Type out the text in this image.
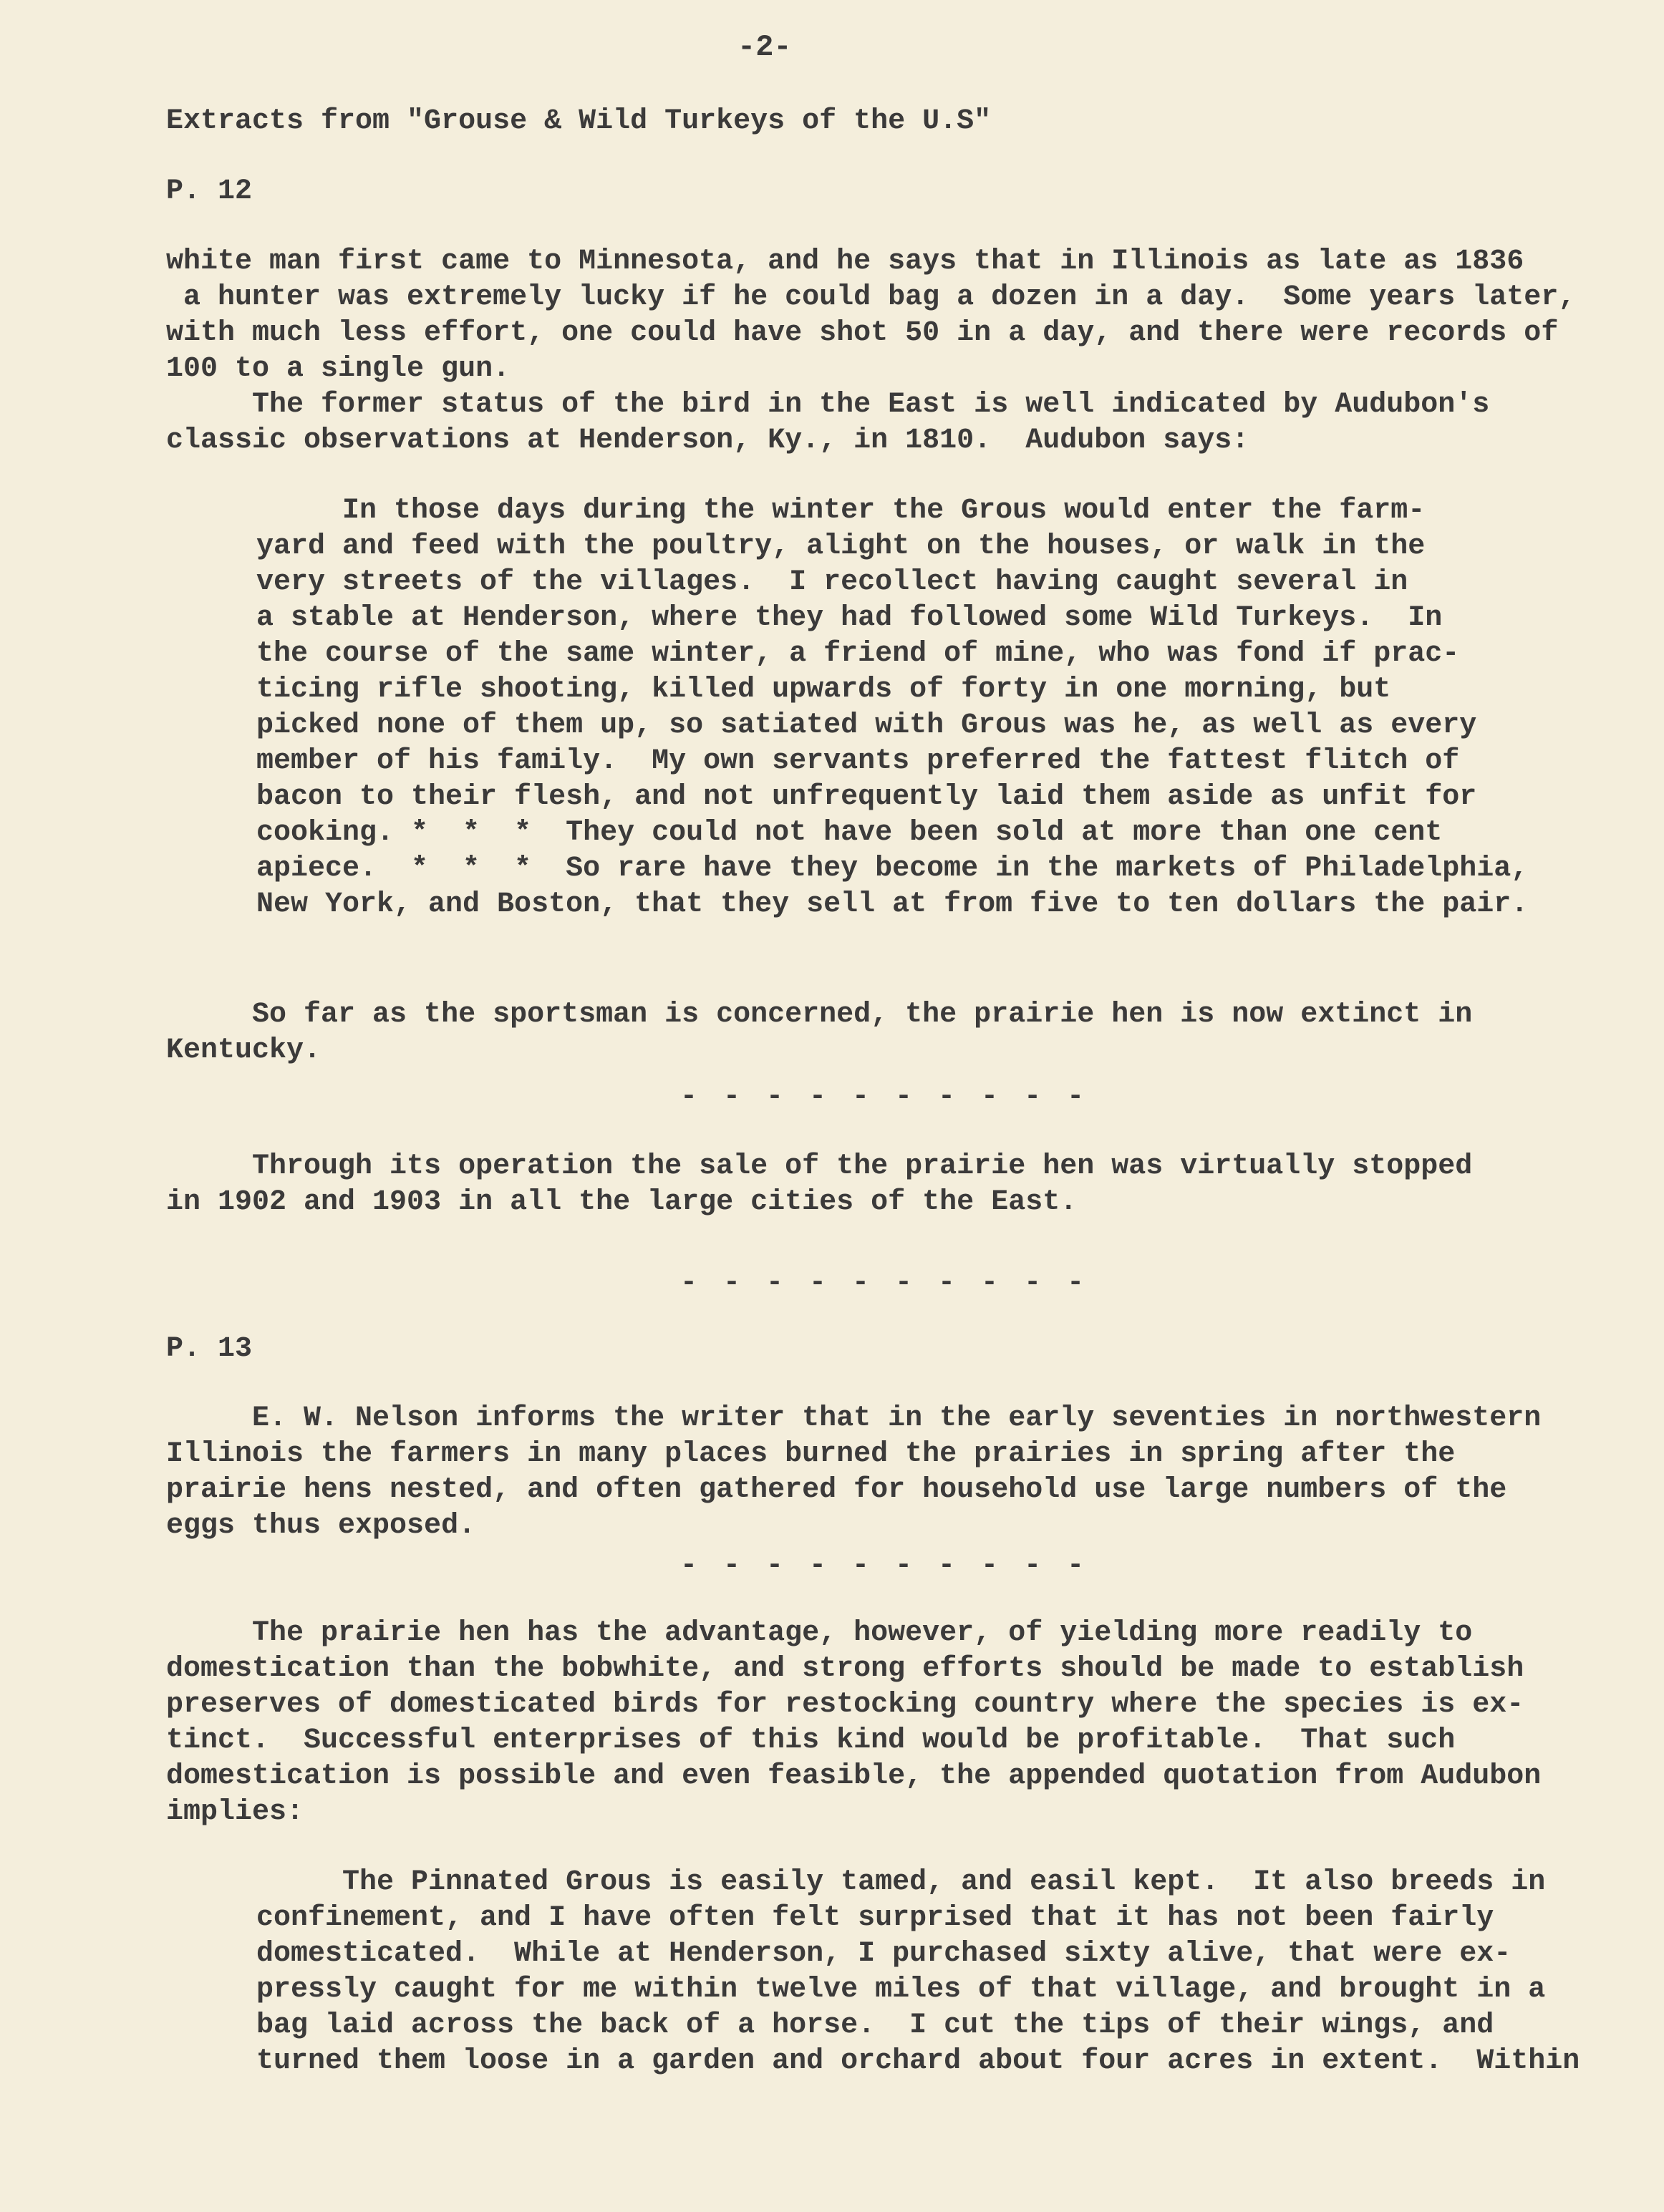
-2-
Extracts from "Grouse & Wild Turkeys of the U.S"
P. 12
white man first came to Minnesota, and he says that in Illinois as late as 1836
a hunter was extremely lucky if he could bag a dozen in a day.  Some years later,
with much less effort, one could have shot 50 in a day, and there were records of
100 to a single gun.
The former status of the bird in the East is well indicated by Audubon's
classic observations at Henderson, Ky., in 1810.  Audubon says:
In those days during the winter the Grous would enter the farm-
yard and feed with the poultry, alight on the houses, or walk in the
very streets of the villages.  I recollect having caught several in
a stable at Henderson, where they had followed some Wild Turkeys.  In
the course of the same winter, a friend of mine, who was fond if prac-
ticing rifle shooting, killed upwards of forty in one morning, but
picked none of them up, so satiated with Grous was he, as well as every
member of his family.  My own servants preferred the fattest flitch of
bacon to their flesh, and not unfrequently laid them aside as unfit for
cooking. *  *  *  They could not have been sold at more than one cent
apiece.  *  *  *  So rare have they become in the markets of Philadelphia,
New York, and Boston, that they sell at from five to ten dollars the pair.
So far as the sportsman is concerned, the prairie hen is now extinct in
Kentucky.
- - - - - - - - - -
Through its operation the sale of the prairie hen was virtually stopped
in 1902 and 1903 in all the large cities of the East.
- - - - - - - - - -
P. 13
E. W. Nelson informs the writer that in the early seventies in northwestern
Illinois the farmers in many places burned the prairies in spring after the
prairie hens nested, and often gathered for household use large numbers of the
eggs thus exposed.
- - - - - - - - - -
The prairie hen has the advantage, however, of yielding more readily to
domestication than the bobwhite, and strong efforts should be made to establish
preserves of domesticated birds for restocking country where the species is ex-
tinct.  Successful enterprises of this kind would be profitable.  That such
domestication is possible and even feasible, the appended quotation from Audubon
implies:
The Pinnated Grous is easily tamed, and easil kept.  It also breeds in
confinement, and I have often felt surprised that it has not been fairly
domesticated.  While at Henderson, I purchased sixty alive, that were ex-
pressly caught for me within twelve miles of that village, and brought in a
bag laid across the back of a horse.  I cut the tips of their wings, and
turned them loose in a garden and orchard about four acres in extent.  Within
